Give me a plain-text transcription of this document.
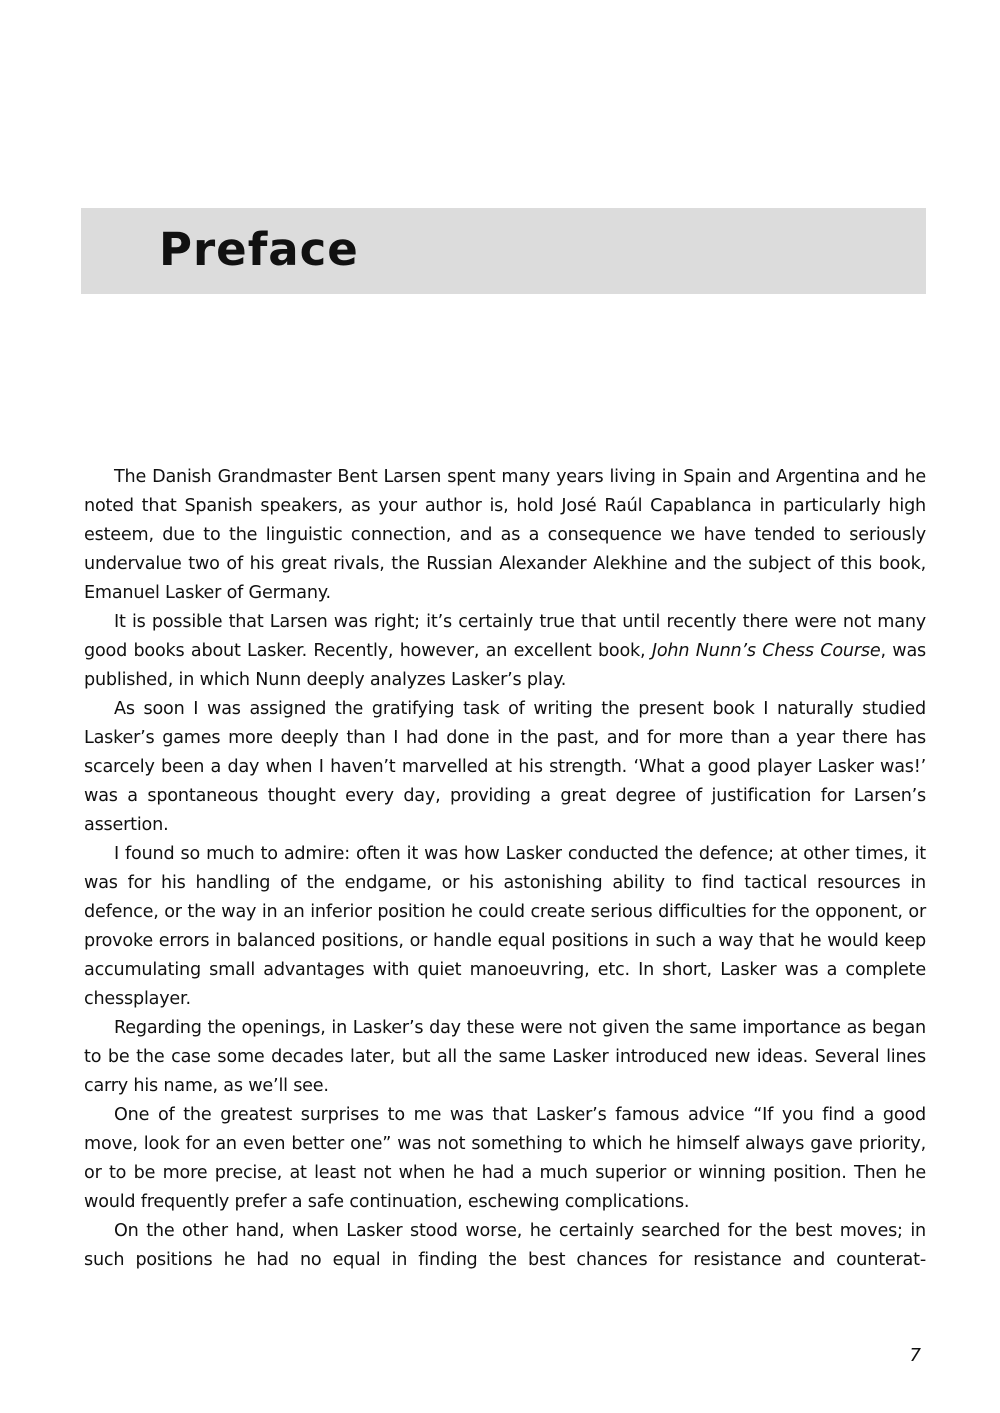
Preface

The Danish Grandmaster Bent Larsen spent many years living in Spain and Argentina and he noted that Spanish speakers, as your author is, hold José Raúl Capablanca in particularly high esteem, due to the linguistic connection, and as a consequence we have tended to seriously undervalue two of his great rivals, the Russian Alexander Alekhine and the subject of this book, Emanuel Lasker of Germany.

It is possible that Larsen was right; it’s certainly true that until recently there were not many good books about Lasker. Recently, however, an excellent book, John Nunn’s Chess Course, was published, in which Nunn deeply analyzes Lasker’s play.

As soon I was assigned the gratifying task of writing the present book I naturally studied Lasker’s games more deeply than I had done in the past, and for more than a year there has scarcely been a day when I haven’t marvelled at his strength. ‘What a good player Lasker was!’ was a spontaneous thought every day, providing a great degree of justification for Larsen’s assertion.

I found so much to admire: often it was how Lasker conducted the defence; at other times, it was for his handling of the endgame, or his astonishing ability to find tactical resources in defence, or the way in an inferior position he could create serious difficulties for the opponent, or provoke errors in balanced positions, or handle equal positions in such a way that he would keep accumulating small advantages with quiet manoeuvring, etc. In short, Lasker was a complete chessplayer.

Regarding the openings, in Lasker’s day these were not given the same importance as began to be the case some decades later, but all the same Lasker introduced new ideas. Several lines carry his name, as we’ll see.

One of the greatest surprises to me was that Lasker’s famous advice “If you find a good move, look for an even better one” was not something to which he himself always gave priority, or to be more precise, at least not when he had a much superior or winning position. Then he would frequently prefer a safe continuation, eschewing complications.

On the other hand, when Lasker stood worse, he certainly searched for the best moves; in such positions he had no equal in finding the best chances for resistance and counterat-

7
